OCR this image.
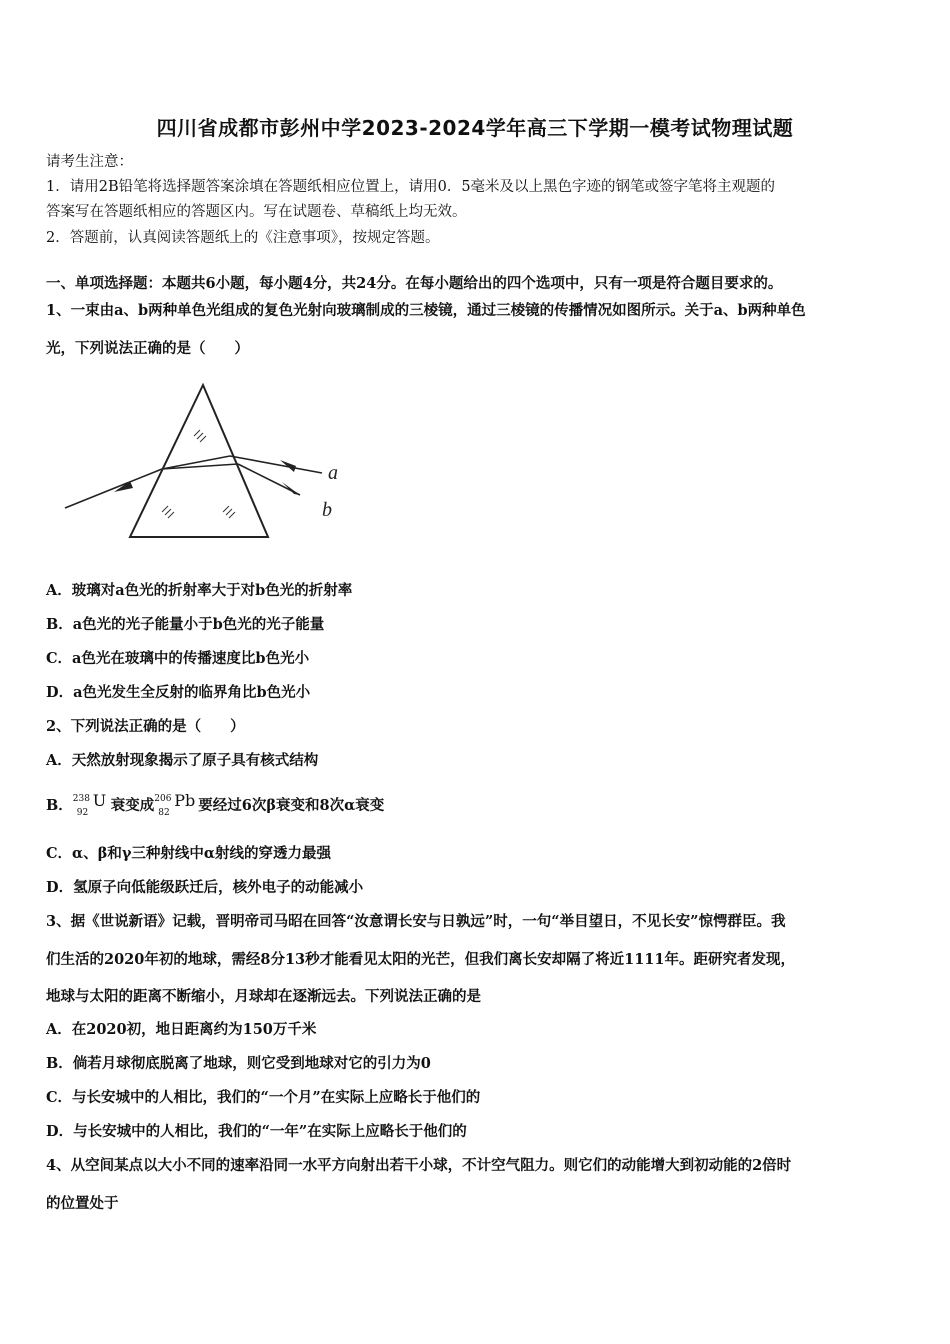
四川省成都市彭州中学2023-2024学年高三下学期一模考试物理试题
请考生注意：
1．请用2B铅笔将选择题答案涂填在答题纸相应位置上，请用0．5毫米及以上黑色字迹的钢笔或签字笔将主观题的
答案写在答题纸相应的答题区内。写在试题卷、草稿纸上均无效。
2．答题前，认真阅读答题纸上的《注意事项》，按规定答题。
一、单项选择题：本题共6小题，每小题4分，共24分。在每小题给出的四个选项中，只有一项是符合题目要求的。
1、一束由a、b两种单色光组成的复色光射向玻璃制成的三棱镜，通过三棱镜的传播情况如图所示。关于a、b两种单色
光，下列说法正确的是（　　）
a
b
A．玻璃对a色光的折射率大于对b色光的折射率
B．a色光的光子能量小于b色光的光子能量
C．a色光在玻璃中的传播速度比b色光小
D．a色光发生全反射的临界角比b色光小
2、下列说法正确的是（　　）
A．天然放射现象揭示了原子具有核式结构
B． 238
92
U 衰变成 206
82
Pb 要经过6次β衰变和8次α衰变
C．α、β和γ三种射线中α射线的穿透力最强
D．氢原子向低能级跃迁后，核外电子的动能减小
3、据《世说新语》记载，晋明帝司马昭在回答“汝意谓长安与日孰远”时，一句“举目望日，不见长安”惊愕群臣。我
们生活的2020年初的地球，需经8分13秒才能看见太阳的光芒，但我们离长安却隔了将近1111年。距研究者发现，
地球与太阳的距离不断缩小，月球却在逐渐远去。下列说法正确的是
A．在2020初，地日距离约为150万千米
B．倘若月球彻底脱离了地球，则它受到地球对它的引力为0
C．与长安城中的人相比，我们的“一个月”在实际上应略长于他们的
D．与长安城中的人相比，我们的“一年”在实际上应略长于他们的
4、从空间某点以大小不同的速率沿同一水平方向射出若干小球，不计空气阻力。则它们的动能增大到初动能的2倍时
的位置处于
